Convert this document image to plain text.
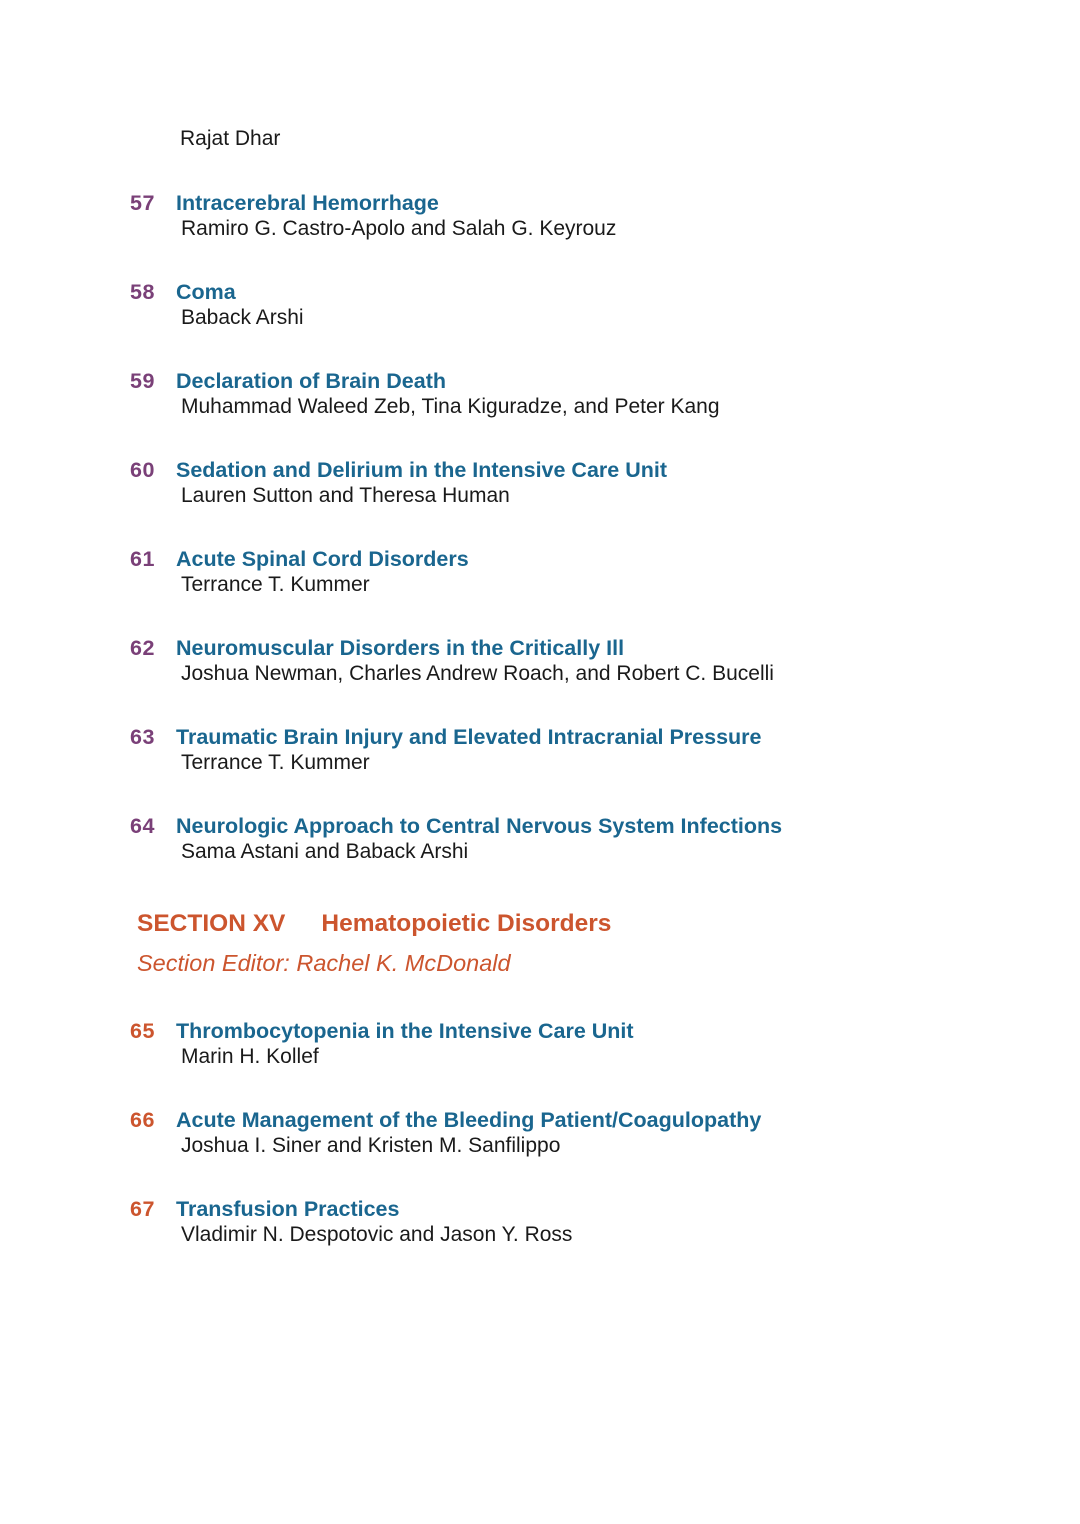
Rajat Dhar
57 Intracerebral Hemorrhage
Ramiro G. Castro-Apolo and Salah G. Keyrouz
58 Coma
Baback Arshi
59 Declaration of Brain Death
Muhammad Waleed Zeb, Tina Kiguradze, and Peter Kang
60 Sedation and Delirium in the Intensive Care Unit
Lauren Sutton and Theresa Human
61 Acute Spinal Cord Disorders
Terrance T. Kummer
62 Neuromuscular Disorders in the Critically Ill
Joshua Newman, Charles Andrew Roach, and Robert C. Bucelli
63 Traumatic Brain Injury and Elevated Intracranial Pressure
Terrance T. Kummer
64 Neurologic Approach to Central Nervous System Infections
Sama Astani and Baback Arshi
SECTION XV Hematopoietic Disorders
Section Editor: Rachel K. McDonald
65 Thrombocytopenia in the Intensive Care Unit
Marin H. Kollef
66 Acute Management of the Bleeding Patient/Coagulopathy
Joshua I. Siner and Kristen M. Sanfilippo
67 Transfusion Practices
Vladimir N. Despotovic and Jason Y. Ross
